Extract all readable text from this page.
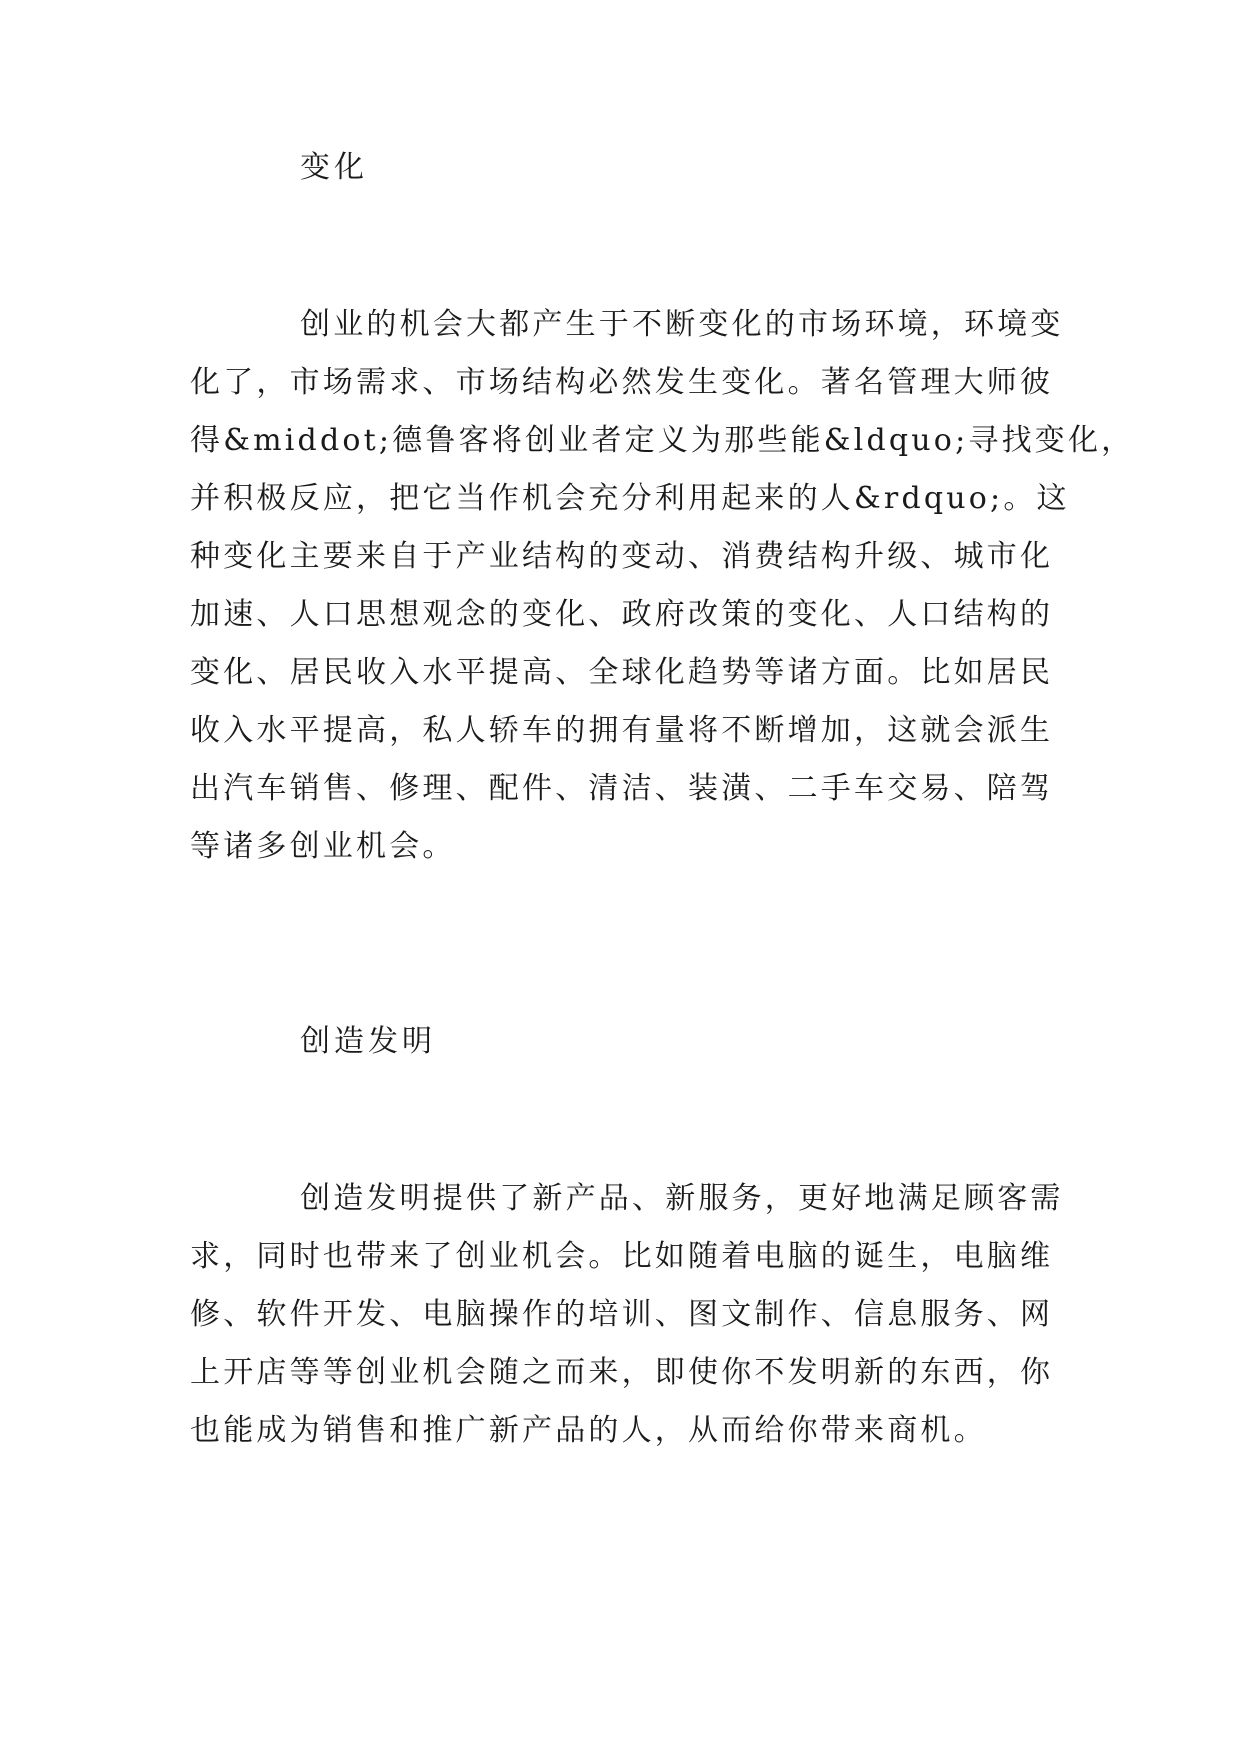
变化
创业的机会大都产生于不断变化的市场环境，环境变
化了，市场需求、市场结构必然发生变化。著名管理大师彼
得&middot;德鲁客将创业者定义为那些能&ldquo;寻找变化，
并积极反应，把它当作机会充分利用起来的人&rdquo;。这
种变化主要来自于产业结构的变动、消费结构升级、城市化
加速、人口思想观念的变化、政府改策的变化、人口结构的
变化、居民收入水平提高、全球化趋势等诸方面。比如居民
收入水平提高，私人轿车的拥有量将不断增加，这就会派生
出汽车销售、修理、配件、清洁、装潢、二手车交易、陪驾
等诸多创业机会。
创造发明
创造发明提供了新产品、新服务，更好地满足顾客需
求，同时也带来了创业机会。比如随着电脑的诞生，电脑维
修、软件开发、电脑操作的培训、图文制作、信息服务、网
上开店等等创业机会随之而来，即使你不发明新的东西，你
也能成为销售和推广新产品的人，从而给你带来商机。
